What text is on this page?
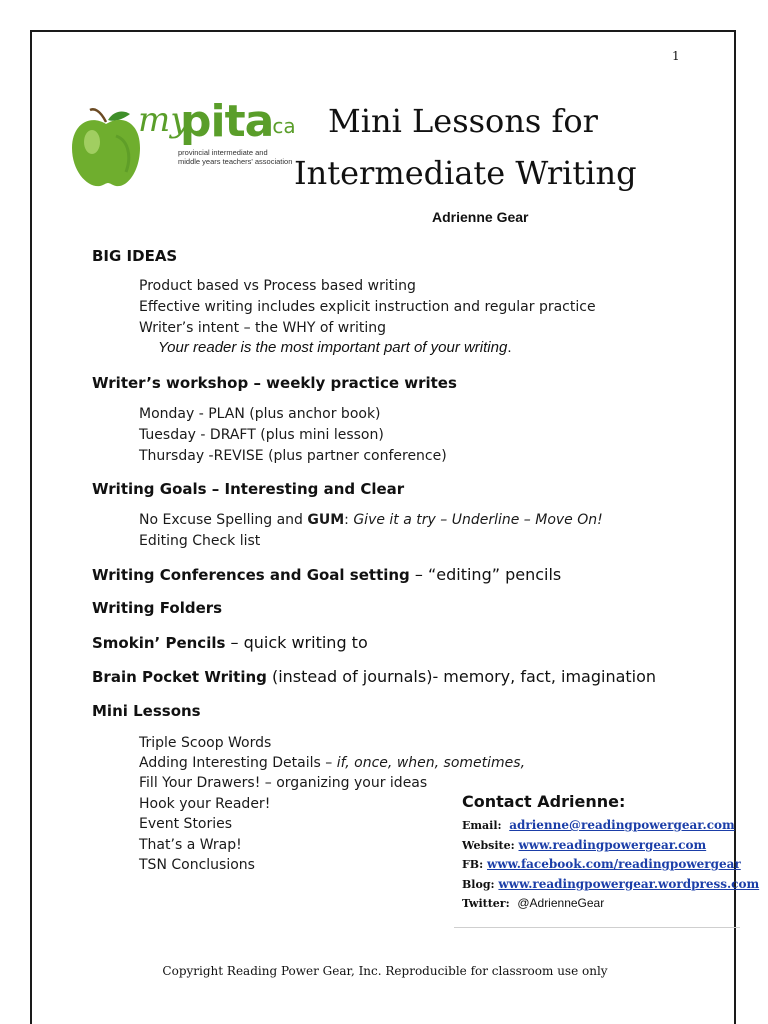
1
my
pita
.ca
provincial intermediate and
middle years teachers' association
Mini Lessons for
Intermediate Writing
Adrienne Gear
BIG IDEAS
Product based vs Process based writing
Effective writing includes explicit instruction and regular practice
Writer’s intent – the WHY of writing
Your reader is the most important part of your writing.
Writer’s workshop – weekly practice writes
Monday - PLAN (plus anchor book)
Tuesday - DRAFT (plus mini lesson)
Thursday -REVISE (plus partner conference)
Writing Goals – Interesting and Clear
No Excuse Spelling and GUM: Give it a try – Underline – Move On!
Editing Check list
Writing Conferences and Goal setting – “editing” pencils
Writing Folders
Smokin’ Pencils – quick writing to
Brain Pocket Writing (instead of journals)- memory, fact, imagination
Mini Lessons
Triple Scoop Words
Adding Interesting Details – if, once, when, sometimes,
Fill Your Drawers! – organizing your ideas
Hook your Reader!
Event Stories
That’s a Wrap!
TSN Conclusions
Contact Adrienne:
Email: adrienne@readingpowergear.com
Website: www.readingpowergear.com
FB: www.facebook.com/readingpowergear
Blog: www.readingpowergear.wordpress.com
Twitter: @AdrienneGear
Copyright Reading Power Gear, Inc. Reproducible for classroom use only
